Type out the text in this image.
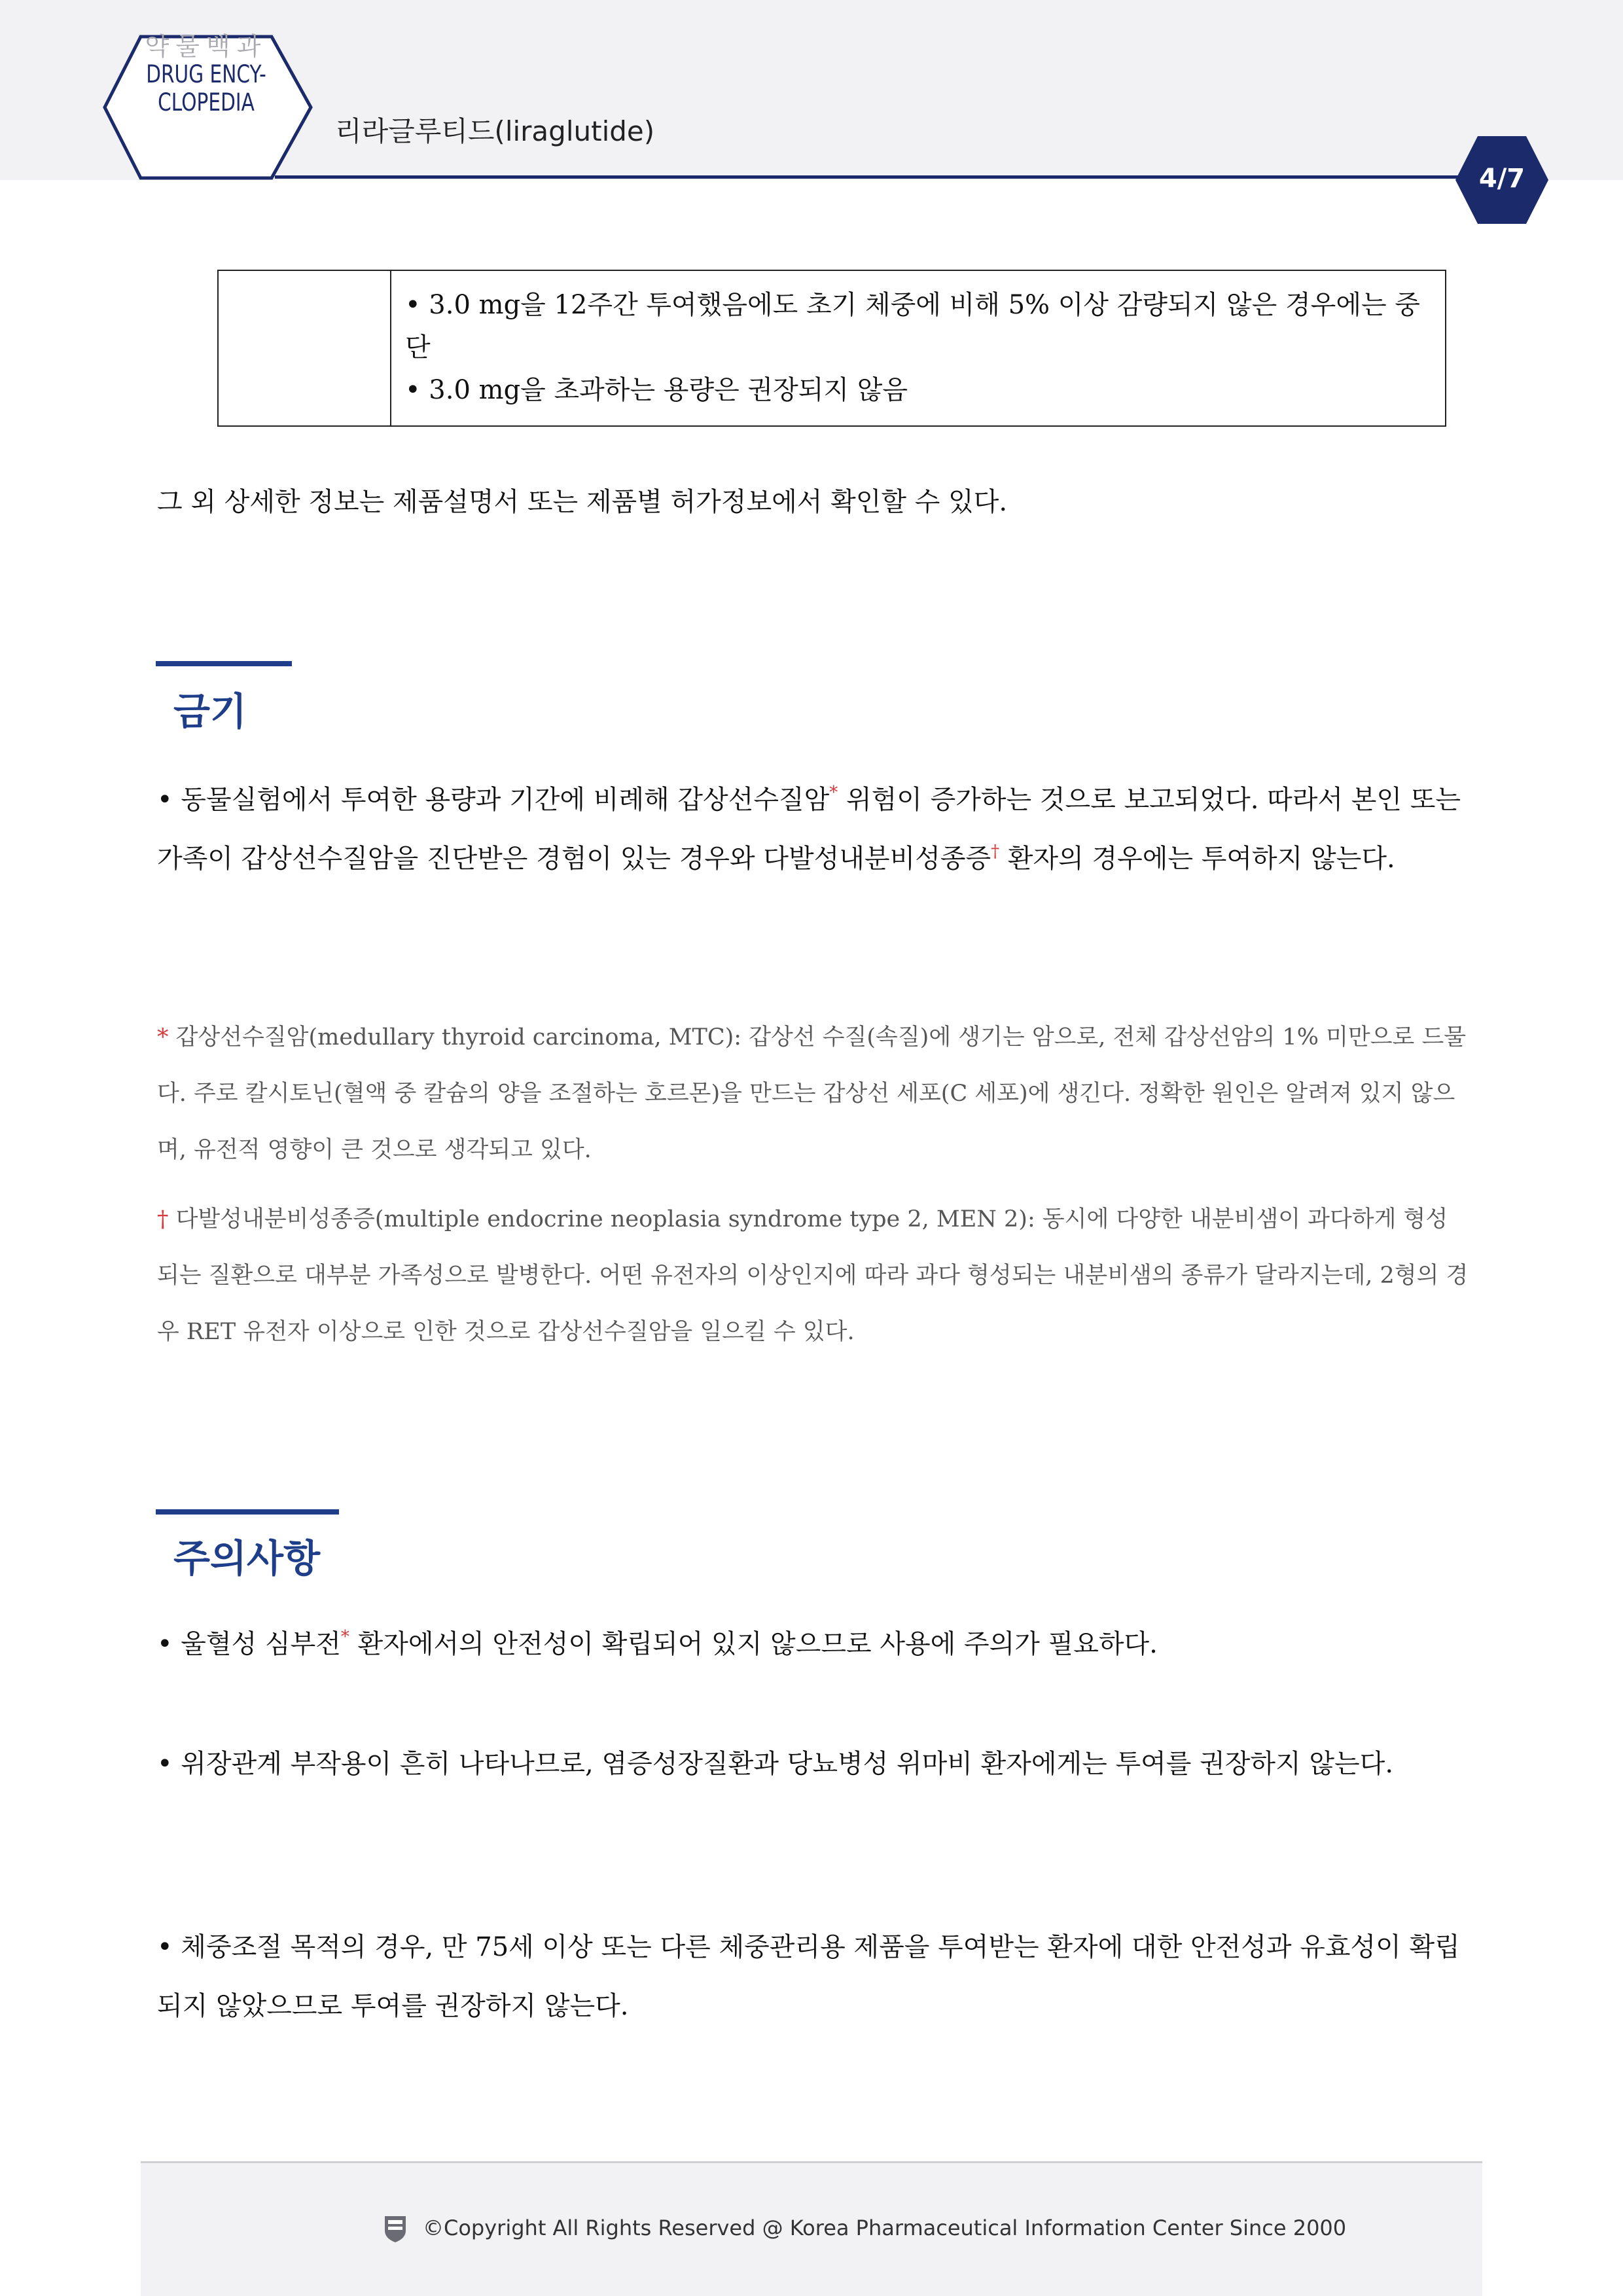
약물백과
DRUG ENCY-
CLOPEDIA
리라글루티드(liraglutide)
4/7

• 3.0 mg을 12주간 투여했음에도 초기 체중에 비해 5% 이상 감량되지 않은 경우에는 중단

• 3.0 mg을 초과하는 용량은 권장되지 않음

그 외 상세한 정보는 제품설명서 또는 제품별 허가정보에서 확인할 수 있다.
금기
• 동물실험에서 투여한 용량과 기간에 비례해 갑상선수질암* 위험이 증가하는 것으로 보고되었다. 따라서 본인 또는 가족이 갑상선수질암을 진단받은 경험이 있는 경우와 다발성내분비성종증† 환자의 경우에는 투여하지 않는다.
* 갑상선수질암(medullary thyroid carcinoma, MTC): 갑상선 수질(속질)에 생기는 암으로, 전체 갑상선암의 1% 미만으로 드물다. 주로 칼시토닌(혈액 중 칼슘의 양을 조절하는 호르몬)을 만드는 갑상선 세포(C 세포)에 생긴다. 정확한 원인은 알려져 있지 않으며, 유전적 영향이 큰 것으로 생각되고 있다.
† 다발성내분비성종증(multiple endocrine neoplasia syndrome type 2, MEN 2): 동시에 다양한 내분비샘이 과다하게 형성되는 질환으로 대부분 가족성으로 발병한다. 어떤 유전자의 이상인지에 따라 과다 형성되는 내분비샘의 종류가 달라지는데, 2형의 경우 RET 유전자 이상으로 인한 것으로 갑상선수질암을 일으킬 수 있다.
주의사항
• 울혈성 심부전* 환자에서의 안전성이 확립되어 있지 않으므로 사용에 주의가 필요하다.
• 위장관계 부작용이 흔히 나타나므로, 염증성장질환과 당뇨병성 위마비 환자에게는 투여를 권장하지 않는다.
• 체중조절 목적의 경우, 만 75세 이상 또는 다른 체중관리용 제품을 투여받는 환자에 대한 안전성과 유효성이 확립되지 않았으므로 투여를 권장하지 않는다.
©Copyright All Rights Reserved @ Korea Pharmaceutical Information Center Since 2000
